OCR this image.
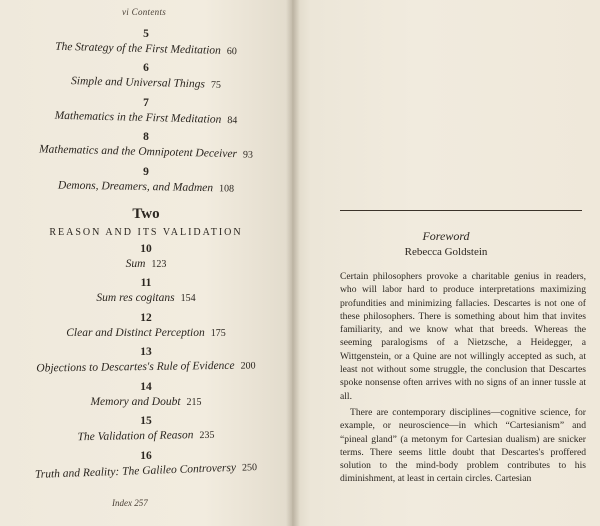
vi Contents
5
The Strategy of the First Meditation 60
6
Simple and Universal Things 75
7
Mathematics in the First Meditation 84
8
Mathematics and the Omnipotent Deceiver 93
9
Demons, Dreamers, and Madmen 108
Two
REASON AND ITS VALIDATION
10
Sum 123
11
Sum res cogitans 154
12
Clear and Distinct Perception 175
13
Objections to Descartes's Rule of Evidence 200
14
Memory and Doubt 215
15
The Validation of Reason 235
16
Truth and Reality: The Galileo Controversy 250
Index 257
Foreword
Rebecca Goldstein

Certain philosophers provoke a charitable genius in readers, who will labor hard to produce interpretations maximizing profundities and minimizing fallacies. Descartes is not one of these philosophers. There is something about him that invites familiarity, and we know what that breeds. Whereas the seeming paralogisms of a Nietzsche, a Heidegger, a Wittgenstein, or a Quine are not willingly accepted as such, at least not without some struggle, the conclusion that Descartes spoke nonsense often arrives with no signs of an inner tussle at all.

There are contemporary disciplines—cognitive science, for example, or neuroscience—in which “Cartesianism” and “pineal gland” (a metonym for Cartesian dualism) are snicker terms. There seems little doubt that Descartes's proffered solution to the mind-body problem contributes to his diminishment, at least in certain circles. Cartesian
